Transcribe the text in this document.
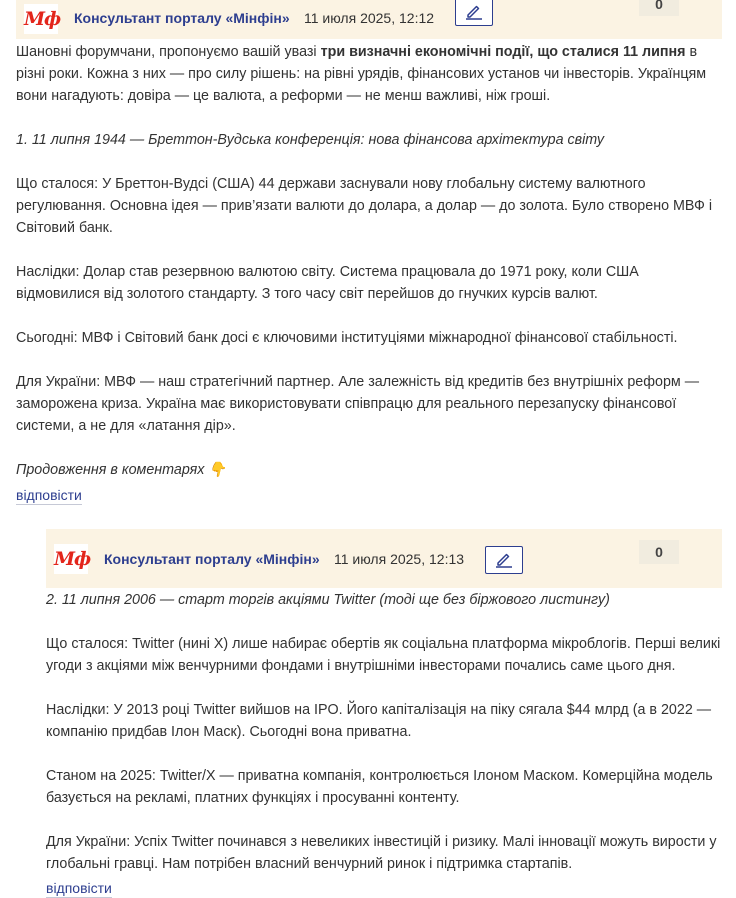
Мф Консультант порталу «Мінфін» 11 июля 2025, 12:12
0

Шановні форумчани, пропонуємо вашій увазі три визначні економічні події, що сталися 11 липня в різні роки. Кожна з них — про силу рішень: на рівні урядів, фінансових установ чи інвесторів. Українцям вони нагадують: довіра — це валюта, а реформи — не менш важливі, ніж гроші.

1. 11 липня 1944 — Бреттон-Вудська конференція: нова фінансова архітектура світу

Що сталося: У Бреттон-Вудсі (США) 44 держави заснували нову глобальну систему валютного регулювання. Основна ідея — прив’язати валюти до долара, а долар — до золота. Було створено МВФ і Світовий банк.

Наслідки: Долар став резервною валютою світу. Система працювала до 1971 року, коли США відмовилися від золотого стандарту. З того часу світ перейшов до гнучких курсів валют.

Сьогодні: МВФ і Світовий банк досі є ключовими інституціями міжнародної фінансової стабільності.

Для України: МВФ — наш стратегічний партнер. Але залежність від кредитів без внутрішніх реформ — заморожена криза. Україна має використовувати співпрацю для реального перезапуску фінансової системи, а не для «латання дір».

Продовження в коментарях 👇

відповісти
Мф Консультант порталу «Мінфін» 11 июля 2025, 12:13	0

2. 11 липня 2006 — старт торгів акціями Twitter (тоді ще без біржового листингу)

Що сталося: Twitter (нині X) лише набирає обертів як соціальна платформа мікроблогів. Перші великі угоди з акціями між венчурними фондами і внутрішніми інвесторами почались саме цього дня.

Наслідки: У 2013 році Twitter вийшов на IPO. Його капіталізація на піку сягала $44 млрд (а в 2022 — компанію придбав Ілон Маск). Сьогодні вона приватна.

Станом на 2025: Twitter/X — приватна компанія, контролюється Ілоном Маском. Комерційна модель базується на рекламі, платних функціях і просуванні контенту.

Для України: Успіх Twitter починався з невеликих інвестицій і ризику. Малі інновації можуть вирости у глобальні гравці. Нам потрібен власний венчурний ринок і підтримка стартапів.

відповісти
